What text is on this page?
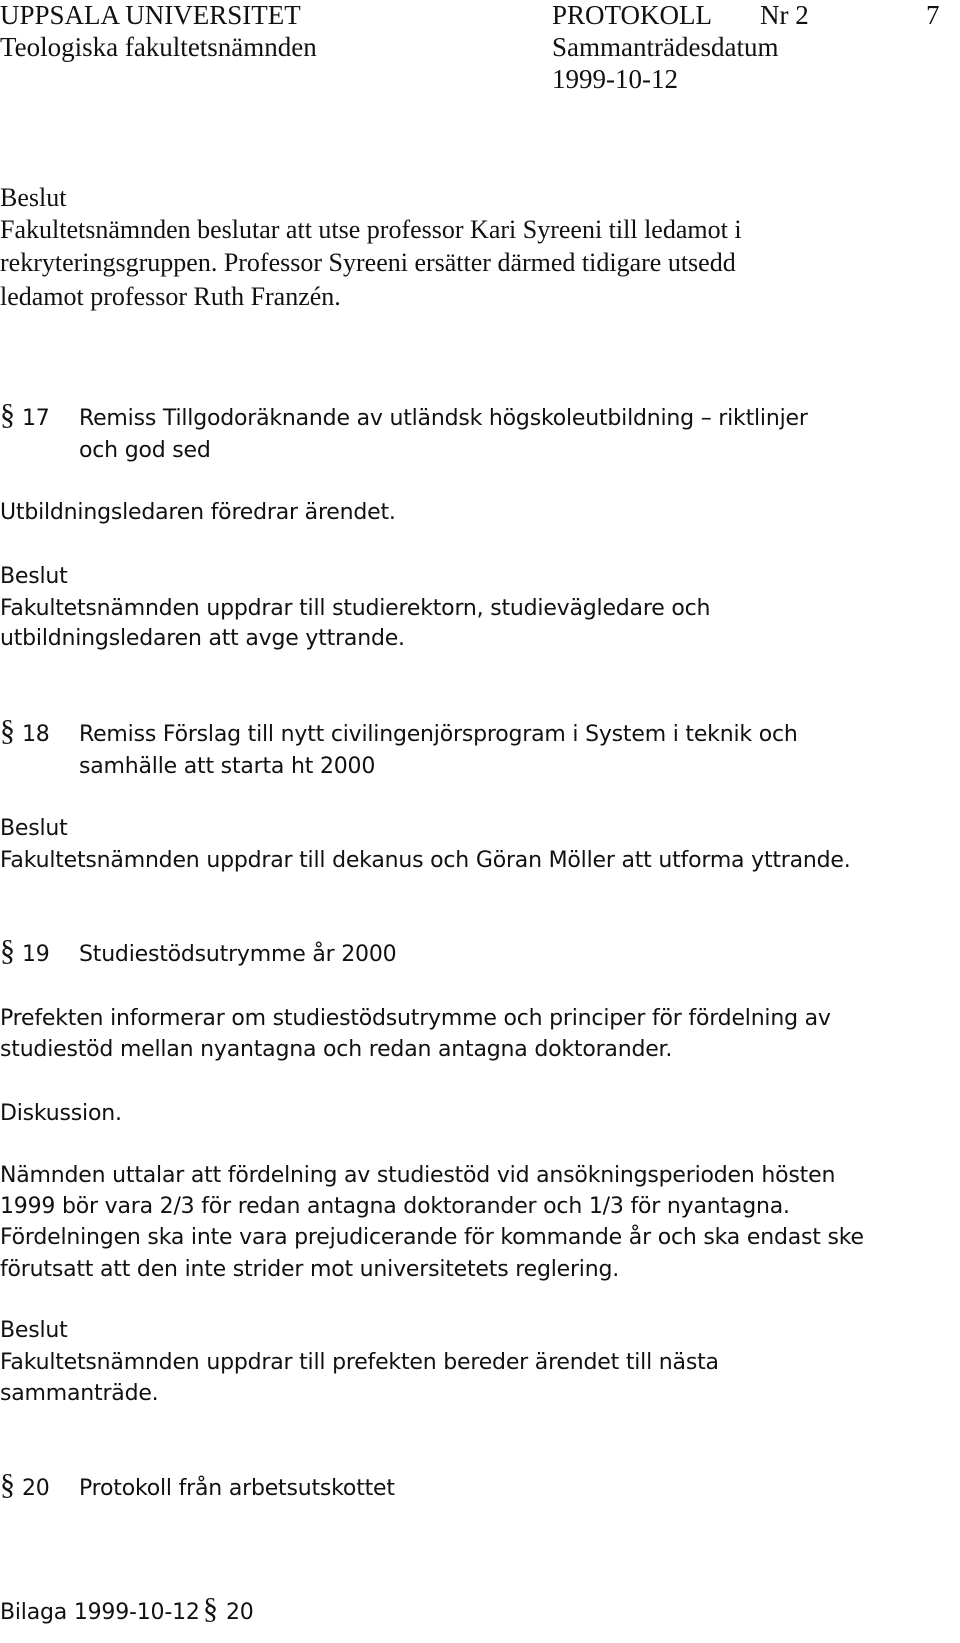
UPPSALA UNIVERSITET
Teologiska fakultetsnämnden
PROTOKOLL Nr 2	7
Sammanträdesdatum
1999-10-12
Beslut
Fakultetsnämnden beslutar att utse professor Kari Syreeni till ledamot i
rekryteringsgruppen. Professor Syreeni ersätter därmed tidigare utsedd
ledamot professor Ruth Franzén.
§ 17 Remiss Tillgodoräknande av utländsk högskoleutbildning – riktlinjer
och god sed
Utbildningsledaren föredrar ärendet.
Beslut
Fakultetsnämnden uppdrar till studierektorn, studievägledare och
utbildningsledaren att avge yttrande.
§ 18 Remiss Förslag till nytt civilingenjörsprogram i System i teknik och
samhälle att starta ht 2000
Beslut
Fakultetsnämnden uppdrar till dekanus och Göran Möller att utforma yttrande.
§ 19 Studiestödsutrymme år 2000
Prefekten informerar om studiestödsutrymme och principer för fördelning av
studiestöd mellan nyantagna och redan antagna doktorander.
Diskussion.
Nämnden uttalar att fördelning av studiestöd vid ansökningsperioden hösten
1999 bör vara 2/3 för redan antagna doktorander och 1/3 för nyantagna.
Fördelningen ska inte vara prejudicerande för kommande år och ska endast ske
förutsatt att den inte strider mot universitetets reglering.
Beslut
Fakultetsnämnden uppdrar till prefekten bereder ärendet till nästa
sammanträde.
§ 20 Protokoll från arbetsutskottet
Bilaga 1999-10-12 § 20
